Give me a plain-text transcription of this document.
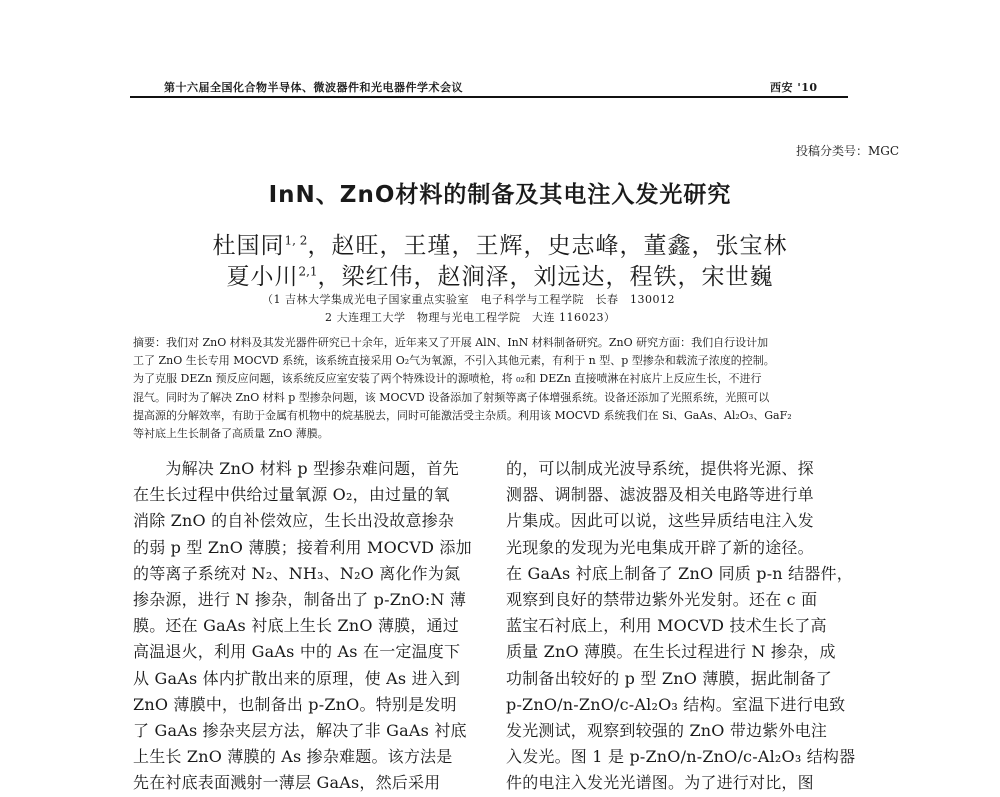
第十六届全国化合物半导体、微波器件和光电器件学术会议	西安 '10
投稿分类号：MGC
InN、ZnO材料的制备及其电注入发光研究
杜国同$^{1, 2}$，赵旺，王瑾，王辉，史志峰，董鑫，张宝林
夏小川$^{2,1}$，梁红伟，赵涧泽，刘远达，程铁，宋世巍
（1 吉林大学集成光电子国家重点实验室　电子科学与工程学院　长春　130012
2 大连理工大学　物理与光电工程学院　大连 116023）
摘要：我们对 ZnO 材料及其发光器件研究已十余年，近年来又了开展 AlN、InN 材料制备研究。ZnO 研究方面：我们自行设计加
工了 ZnO 生长专用 MOCVD 系统，该系统直接采用 O₂气为氧源，不引入其他元素，有利于 n 型、p 型掺杂和载流子浓度的控制。
为了克服 DEZn 预反应问题，该系统反应室安装了两个特殊设计的源喷枪，将 ₀₂和 DEZn 直接喷淋在衬底片上反应生长，不进行
混气。同时为了解决 ZnO 材料 p 型掺杂问题，该 MOCVD 设备添加了射频等离子体增强系统。设备还添加了光照系统，光照可以
提高源的分解效率，有助于金属有机物中的烷基脱去，同时可能激活受主杂质。利用该 MOCVD 系统我们在 Si、GaAs、Al₂O₃、GaF₂
等衬底上生长制备了高质量 ZnO 薄膜。
　　为解决 ZnO 材料 p 型掺杂难问题，首先
在生长过程中供给过量氧源 O₂，由过量的氧
消除 ZnO 的自补偿效应，生长出没故意掺杂
的弱 p 型 ZnO 薄膜；接着利用 MOCVD 添加
的等离子系统对 N₂、NH₃、N₂O 离化作为氮
掺杂源，进行 N 掺杂，制备出了 p-ZnO:N 薄
膜。还在 GaAs 衬底上生长 ZnO 薄膜，通过
高温退火，利用 GaAs 中的 As 在一定温度下
从 GaAs 体内扩散出来的原理，使 As 进入到
ZnO 薄膜中，也制备出 p-ZnO。特别是发明
了 GaAs 掺杂夹层方法，解决了非 GaAs 衬底
上生长 ZnO 薄膜的 As 掺杂难题。该方法是
先在衬底表面溅射一薄层 GaAs，然后采用
的，可以制成光波导系统，提供将光源、探
测器、调制器、滤波器及相关电路等进行单
片集成。因此可以说，这些异质结电注入发
光现象的发现为光电集成开辟了新的途径。
在 GaAs 衬底上制备了 ZnO 同质 p-n 结器件，
观察到良好的禁带边紫外光发射。还在 c 面
蓝宝石衬底上，利用 MOCVD 技术生长了高
质量 ZnO 薄膜。在生长过程进行 N 掺杂，成
功制备出较好的 p 型 ZnO 薄膜，据此制备了
p-ZnO/n-ZnO/c-Al₂O₃ 结构。室温下进行电致
发光测试，观察到较强的 ZnO 带边紫外电注
入发光。图 1 是 p-ZnO/n-ZnO/c-Al₂O₃ 结构器
件的电注入发光光谱图。为了进行对比，图
